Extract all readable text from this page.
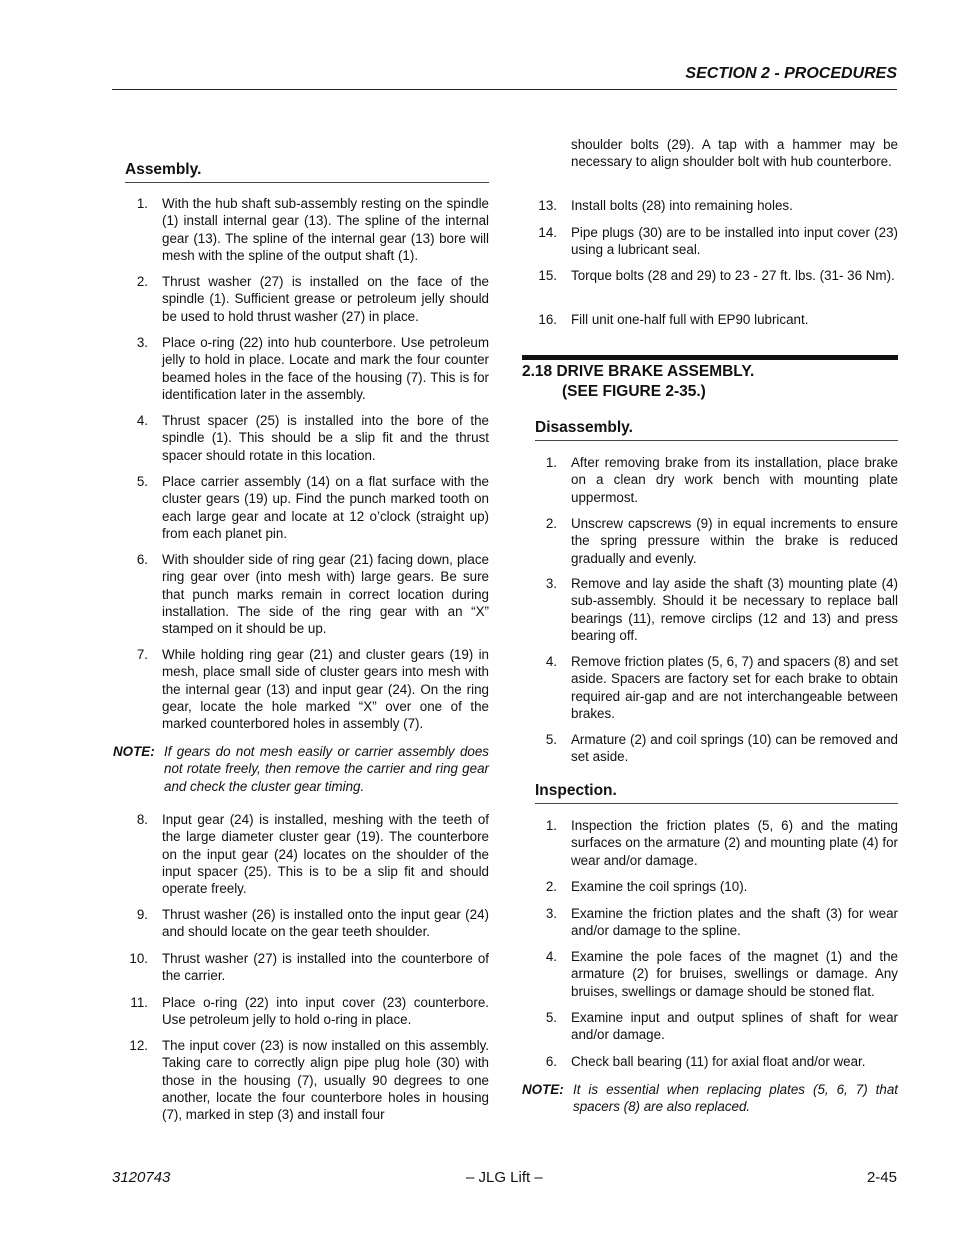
SECTION 2 - PROCEDURES
Assembly.
1. With the hub shaft sub-assembly resting on the spindle (1) install internal gear (13). The spline of the internal gear (13). The spline of the internal gear (13) bore will mesh with the spline of the output shaft (1).
2. Thrust washer (27) is installed on the face of the spindle (1). Sufficient grease or petroleum jelly should be used to hold thrust washer (27) in place.
3. Place o-ring (22) into hub counterbore. Use petroleum jelly to hold in place. Locate and mark the four counter beamed holes in the face of the housing (7). This is for identification later in the assembly.
4. Thrust spacer (25) is installed into the bore of the spindle (1). This should be a slip fit and the thrust spacer should rotate in this location.
5. Place carrier assembly (14) on a flat surface with the cluster gears (19) up. Find the punch marked tooth on each large gear and locate at 12 o’clock (straight up) from each planet pin.
6. With shoulder side of ring gear (21) facing down, place ring gear over (into mesh with) large gears. Be sure that punch marks remain in correct location during installation. The side of the ring gear with an “X” stamped on it should be up.
7. While holding ring gear (21) and cluster gears (19) in mesh, place small side of cluster gears into mesh with the internal gear (13) and input gear (24). On the ring gear, locate the hole marked “X” over one of the marked counterbored holes in assembly (7).
NOTE: If gears do not mesh easily or carrier assembly does not rotate freely, then remove the carrier and ring gear and check the cluster gear timing.
8. Input gear (24) is installed, meshing with the teeth of the large diameter cluster gear (19). The counterbore on the input gear (24) locates on the shoulder of the input spacer (25). This is to be a slip fit and should operate freely.
9. Thrust washer (26) is installed onto the input gear (24) and should locate on the gear teeth shoulder.
10. Thrust washer (27) is installed into the counterbore of the carrier.
11. Place o-ring (22) into input cover (23) counterbore. Use petroleum jelly to hold o-ring in place.
12. The input cover (23) is now installed on this assembly. Taking care to correctly align pipe plug hole (30) with those in the housing (7), usually 90 degrees to one another, locate the four counterbore holes in housing (7), marked in step (3) and install four
shoulder bolts (29). A tap with a hammer may be necessary to align shoulder bolt with hub counterbore.
13. Install bolts (28) into remaining holes.
14. Pipe plugs (30) are to be installed into input cover (23) using a lubricant seal.
15. Torque bolts (28 and 29) to 23 - 27 ft. lbs. (31- 36 Nm).
16. Fill unit one-half full with EP90 lubricant.
2.18 DRIVE BRAKE ASSEMBLY.
(SEE FIGURE 2-35.)
Disassembly.
1. After removing brake from its installation, place brake on a clean dry work bench with mounting plate uppermost.
2. Unscrew capscrews (9) in equal increments to ensure the spring pressure within the brake is reduced gradually and evenly.
3. Remove and lay aside the shaft (3) mounting plate (4) sub-assembly. Should it be necessary to replace ball bearings (11), remove circlips (12 and 13) and press bearing off.
4. Remove friction plates (5, 6, 7) and spacers (8) and set aside. Spacers are factory set for each brake to obtain required air-gap and are not interchangeable between brakes.
5. Armature (2) and coil springs (10) can be removed and set aside.
Inspection.
1. Inspection the friction plates (5, 6) and the mating surfaces on the armature (2) and mounting plate (4) for wear and/or damage.
2. Examine the coil springs (10).
3. Examine the friction plates and the shaft (3) for wear and/or damage to the spline.
4. Examine the pole faces of the magnet (1) and the armature (2) for bruises, swellings or damage. Any bruises, swellings or damage should be stoned flat.
5. Examine input and output splines of shaft for wear and/or damage.
6. Check ball bearing (11) for axial float and/or wear.
NOTE: It is essential when replacing plates (5, 6, 7) that spacers (8) are also replaced.
3120743	– JLG Lift –	2-45
